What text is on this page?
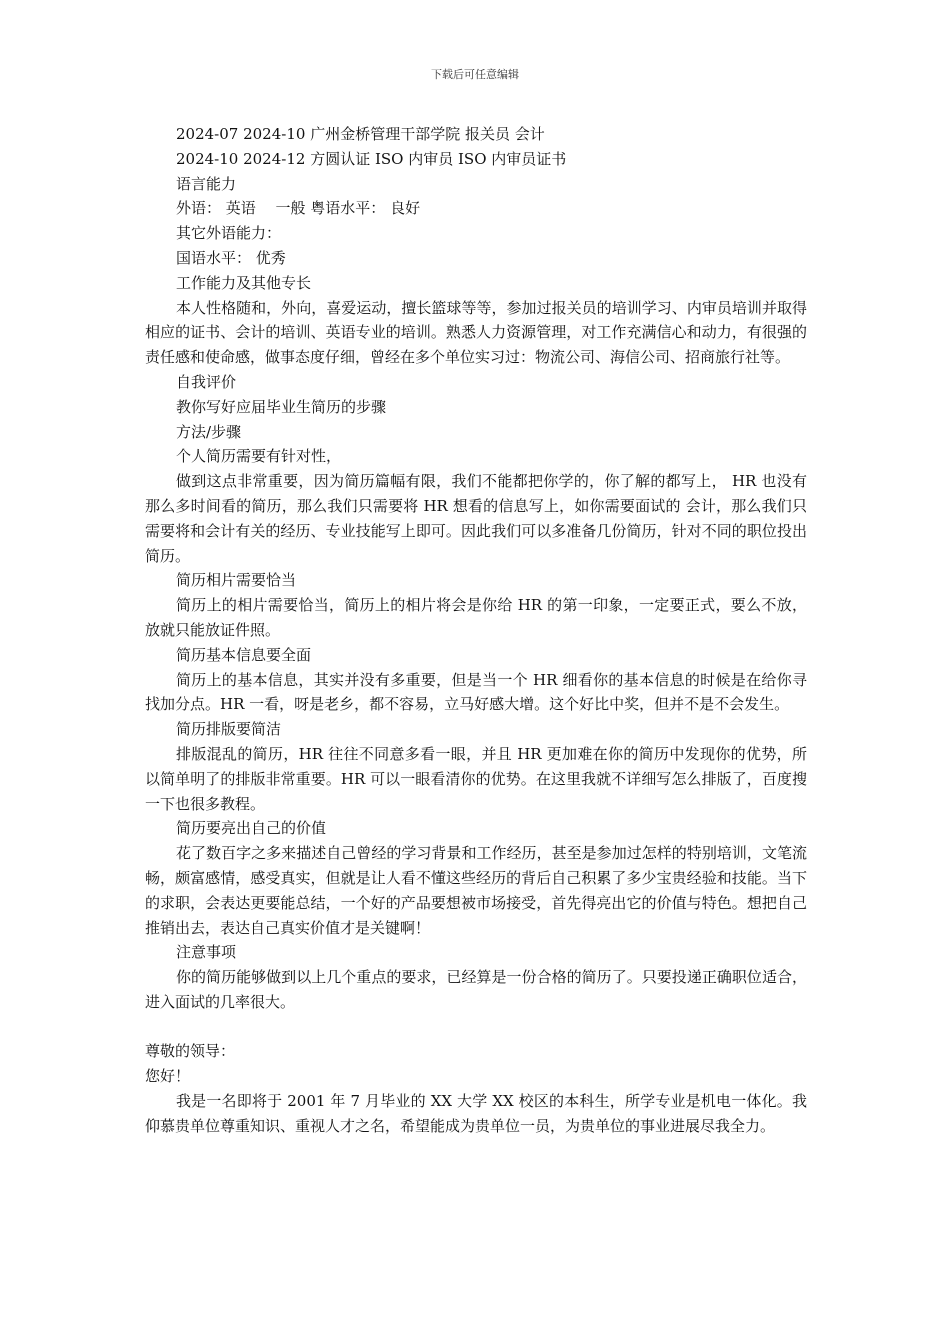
下载后可任意编辑

2024-07 2024-10 广州金桥管理干部学院 报关员 会计

2024-10 2024-12 方圆认证 ISO 内审员 ISO 内审员证书

语言能力

外语： 英语　 一般 粤语水平： 良好

其它外语能力：

国语水平： 优秀

工作能力及其他专长

本人性格随和，外向，喜爱运动，擅长篮球等等，参加过报关员的培训学习、内审员培训并取得相应的证书、会计的培训、英语专业的培训。熟悉人力资源管理，对工作充满信心和动力，有很强的责任感和使命感，做事态度仔细，曾经在多个单位实习过：物流公司、海信公司、招商旅行社等。

自我评价

教你写好应届毕业生简历的步骤

方法/步骤

个人简历需要有针对性，

做到这点非常重要，因为简历篇幅有限，我们不能都把你学的，你了解的都写上， HR 也没有那么多时间看的简历，那么我们只需要将 HR 想看的信息写上，如你需要面试的 会计，那么我们只需要将和会计有关的经历、专业技能写上即可。因此我们可以多准备几份简历，针对不同的职位投出简历。

简历相片需要恰当

简历上的相片需要恰当，简历上的相片将会是你给 HR 的第一印象，一定要正式，要么不放，放就只能放证件照。

简历基本信息要全面

简历上的基本信息，其实并没有多重要，但是当一个 HR 细看你的基本信息的时候是在给你寻找加分点。HR 一看，呀是老乡，都不容易，立马好感大增。这个好比中奖，但并不是不会发生。

简历排版要简洁

排版混乱的简历，HR 往往不同意多看一眼，并且 HR 更加难在你的简历中发现你的优势，所以简单明了的排版非常重要。HR 可以一眼看清你的优势。在这里我就不详细写怎么排版了，百度搜一下也很多教程。

简历要亮出自己的价值

花了数百字之多来描述自己曾经的学习背景和工作经历，甚至是参加过怎样的特别培训，文笔流畅，颇富感情，感受真实，但就是让人看不懂这些经历的背后自己积累了多少宝贵经验和技能。当下的求职，会表达更要能总结，一个好的产品要想被市场接受，首先得亮出它的价值与特色。想把自己推销出去，表达自己真实价值才是关键啊！

注意事项

你的简历能够做到以上几个重点的要求，已经算是一份合格的简历了。只要投递正确职位适合，进入面试的几率很大。

尊敬的领导：

您好！

我是一名即将于 2001 年 7 月毕业的 XX 大学 XX 校区的本科生，所学专业是机电一体化。我仰慕贵单位尊重知识、重视人才之名，希望能成为贵单位一员，为贵单位的事业进展尽我全力。
